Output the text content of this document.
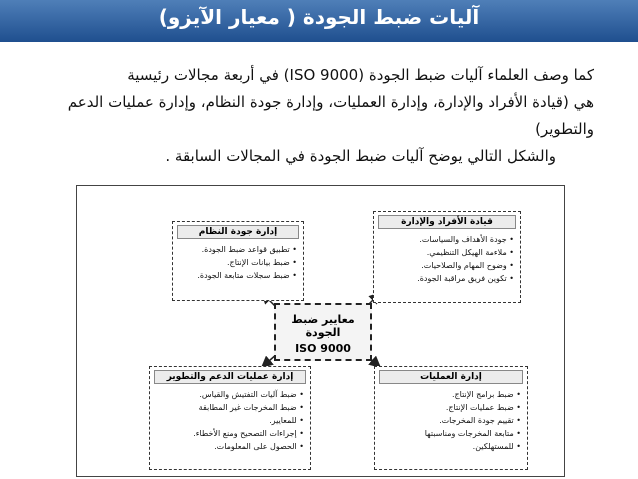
آليات ضبط الجودة ( معيار الآيزو)

كما وصف العلماء آليات ضبط الجودة (ISO 9000) في أربعة مجالات رئيسية

هي (قيادة الأفراد والإدارة، وإدارة العمليات، وإدارة جودة النظام، وإدارة عمليات الدعم

والتطوير)

والشكل التالي يوضح آليات ضبط الجودة في المجالات السابقة .

إدارة جودة النظام
• تطبيق قواعد ضبط الجودة.
• ضبط بيانات الإنتاج.
• ضبط سجلات متابعة الجودة.
قيادة الأفراد والإدارة
• جودة الأهداف والسياسات.
• ملاءمة الهيكل التنظيمي.
• وضوح المهام والصلاحيات.
• تكوين فريق مراقبة الجودة.
معايير ضبط الجودة
ISO 9000
إدارة عمليات الدعم والتطوير
• ضبط آليات التفتيش والقياس.
• ضبط المخرجات غير المطابقة
• للمعايير.
• إجراءات التصحيح ومنع الأخطاء.
• الحصول على المعلومات.
إدارة العمليات
• ضبط برامج الإنتاج.
• ضبط عمليات الإنتاج.
• تقييم جودة المخرجات.
• متابعة المخرجات ومناسبتها
• للمستهلكين.
